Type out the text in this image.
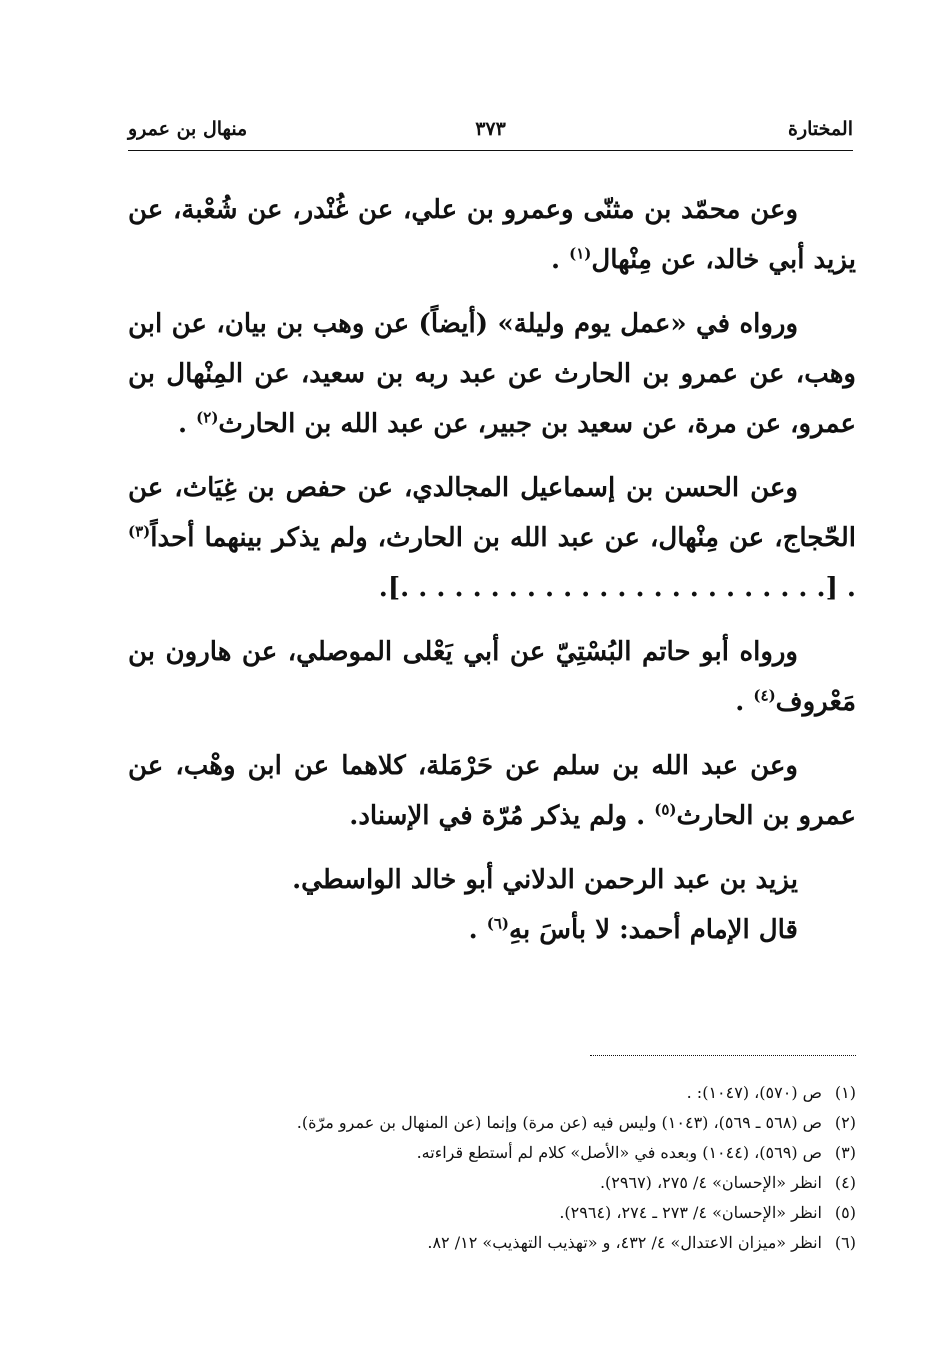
المختارة
٣٧٣
منهال بن عمرو

وعن محمّد بن مثنّى وعمرو بن علي، عن غُنْدر، عن شُعْبة، عن يزيد أبي خالد، عن مِنْهال$^{(١)}$ .

ورواه في «عمل يوم وليلة» (أيضاً) عن وهب بن بيان، عن ابن وهب، عن عمرو بن الحارث عن عبد ربه بن سعيد، عن المِنْهال بن عمرو، عن مرة، عن سعيد بن جبير، عن عبد الله بن الحارث$^{(٢)}$ .

وعن الحسن بن إسماعيل المجالدي، عن حفص بن غِيَاث، عن الحّجاج، عن مِنْهال، عن عبد الله بن الحارث، ولم يذكر بينهما أحداً$^{(٣)}$ . [. . . . . . . . . . . . . . . . . . . . . . . .].

ورواه أبو حاتم البُسْتِيّ عن أبي يَعْلى الموصلي، عن هارون بن مَعْروف$^{(٤)}$ .

وعن عبد الله بن سلم عن حَرْمَلة، كلاهما عن ابن وهْب، عن عمرو بن الحارث$^{(٥)}$ . ولم يذكر مُرّة في الإسناد.

يزيد بن عبد الرحمن الدلاني أبو خالد الواسطي.

قال الإمام أحمد: لا بأسَ بهِ$^{(٦)}$ .

(١)ص (٥٧٠)، (١٠٤٧): .
(٢)ص (٥٦٨ ـ ٥٦٩)، (١٠٤٣) وليس فيه (عن مرة) وإنما (عن المنهال بن عمرو مرّة).
(٣)ص (٥٦٩)، (١٠٤٤) وبعده في «الأصل» كلام لم أستطع قراءته.
(٤)انظر «الإحسان» ٤/ ٢٧٥، (٢٩٦٧).
(٥)انظر «الإحسان» ٤/ ٢٧٣ ـ ٢٧٤، (٢٩٦٤).
(٦)انظر «ميزان الاعتدال» ٤/ ٤٣٢، و «تهذيب التهذيب» ١٢/ ٨٢.
